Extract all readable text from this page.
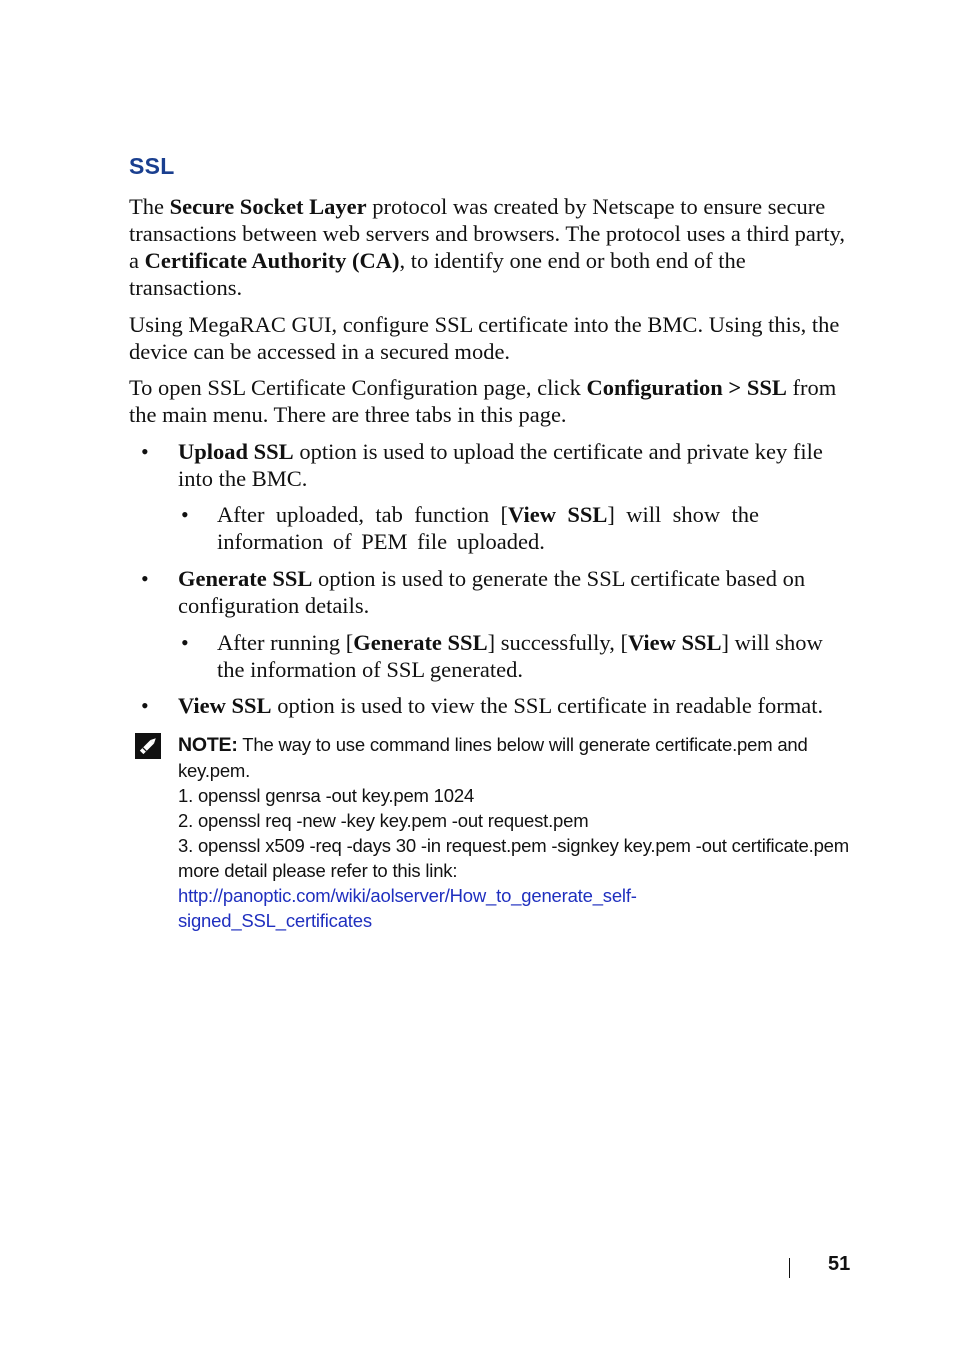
SSL
The Secure Socket Layer protocol was created by Netscape to ensure secure transactions between web servers and browsers. The protocol uses a third party, a Certificate Authority (CA), to identify one end or both end of the transactions.
Using MegaRAC GUI, configure SSL certificate into the BMC. Using this, the device can be accessed in a secured mode.
To open SSL Certificate Configuration page, click Configuration > SSL from the main menu. There are three tabs in this page.
• Upload SSL option is used to upload the certificate and private key file into the BMC.
• After uploaded, tab function [View SSL] will show the
information of PEM file uploaded.
• Generate SSL option is used to generate the SSL certificate based on configuration details.
• After running [Generate SSL] successfully, [View SSL] will show the information of SSL generated.
• View SSL option is used to view the SSL certificate in readable format.
NOTE: The way to use command lines below will generate certificate.pem and key.pem.
1. openssl genrsa -out key.pem 1024
2. openssl req -new -key key.pem -out request.pem
3. openssl x509 -req -days 30 -in request.pem -signkey key.pem -out certificate.pem
more detail please refer to this link:
http://panoptic.com/wiki/aolserver/How_to_generate_self-
signed_SSL_certificates
51
